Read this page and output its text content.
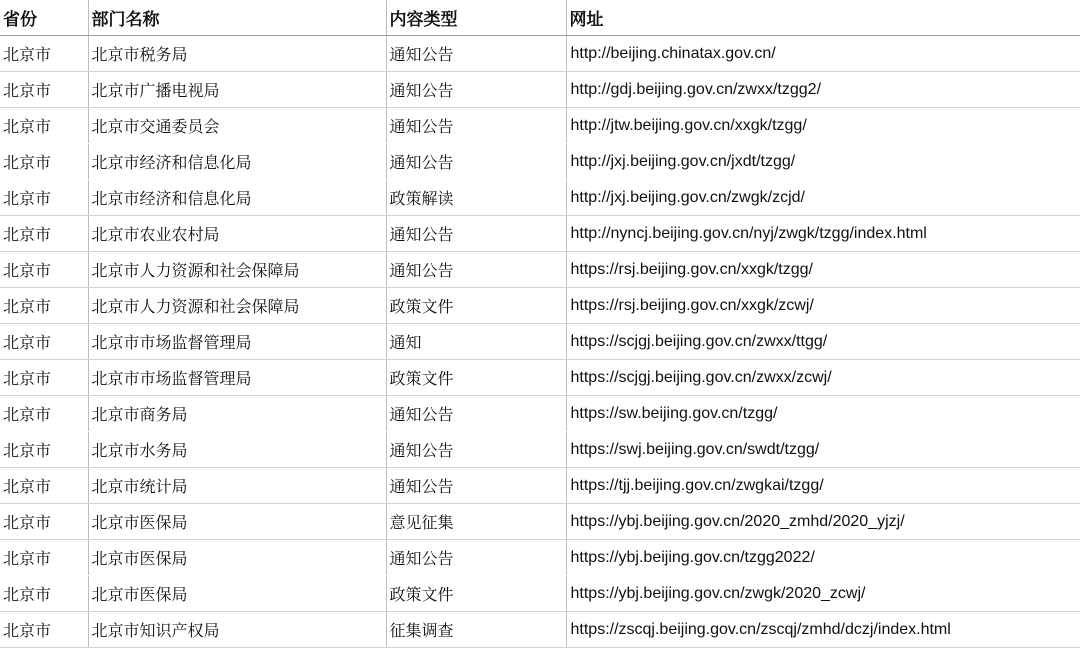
省份	部门名称	内容类型	网址
北京市	北京市税务局	通知公告	http://beijing.chinatax.gov.cn/
北京市	北京市广播电视局	通知公告	http://gdj.beijing.gov.cn/zwxx/tzgg2/
北京市	北京市交通委员会	通知公告	http://jtw.beijing.gov.cn/xxgk/tzgg/
北京市	北京市经济和信息化局	通知公告	http://jxj.beijing.gov.cn/jxdt/tzgg/
北京市	北京市经济和信息化局	政策解读	http://jxj.beijing.gov.cn/zwgk/zcjd/
北京市	北京市农业农村局	通知公告	http://nyncj.beijing.gov.cn/nyj/zwgk/tzgg/index.html
北京市	北京市人力资源和社会保障局	通知公告	https://rsj.beijing.gov.cn/xxgk/tzgg/
北京市	北京市人力资源和社会保障局	政策文件	https://rsj.beijing.gov.cn/xxgk/zcwj/
北京市	北京市市场监督管理局	通知	https://scjgj.beijing.gov.cn/zwxx/ttgg/
北京市	北京市市场监督管理局	政策文件	https://scjgj.beijing.gov.cn/zwxx/zcwj/
北京市	北京市商务局	通知公告	https://sw.beijing.gov.cn/tzgg/
北京市	北京市水务局	通知公告	https://swj.beijing.gov.cn/swdt/tzgg/
北京市	北京市统计局	通知公告	https://tjj.beijing.gov.cn/zwgkai/tzgg/
北京市	北京市医保局	意见征集	https://ybj.beijing.gov.cn/2020_zmhd/2020_yjzj/
北京市	北京市医保局	通知公告	https://ybj.beijing.gov.cn/tzgg2022/
北京市	北京市医保局	政策文件	https://ybj.beijing.gov.cn/zwgk/2020_zcwj/
北京市	北京市知识产权局	征集调查	https://zscqj.beijing.gov.cn/zscqj/zmhd/dczj/index.html
